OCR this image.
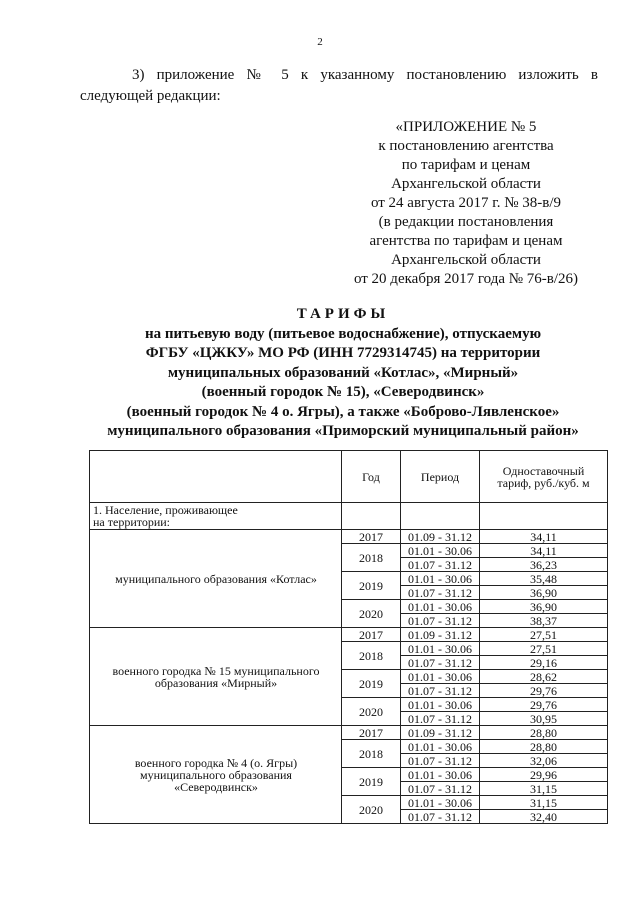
2

3) приложение № 5 к указанному постановлению изложить в

следующей редакции:

«ПРИЛОЖЕНИЕ № 5
к постановлению агентства
по тарифам и ценам
Архангельской области
от 24 августа 2017 г. № 38-в/9
(в редакции постановления
агентства по тарифам и ценам
Архангельской области
от 20 декабря 2017 года № 76-в/26)
ТАРИФЫ
на питьевую воду (питьевое водоснабжение), отпускаемую
ФГБУ «ЦЖКУ» МО РФ (ИНН 7729314745) на территории
муниципальных образований «Котлас», «Мирный»
(военный городок № 15), «Северодвинск»
(военный городок № 4 о. Ягры), а также «Боброво-Лявленское»
муниципального образования «Приморский муниципальный район»
	Год	Период	Одноставочный
тариф, руб./куб. м
1. Население, проживающее
на территории:			
муниципального образования «Котлас»	2017	01.09 - 31.12	34,11
	2018	01.01 - 30.06	34,11
		01.07 - 31.12	36,23
	2019	01.01 - 30.06	35,48
		01.07 - 31.12	36,90
	2020	01.01 - 30.06	36,90
		01.07 - 31.12	38,37
военного городка № 15 муниципального
образования «Мирный»	2017	01.09 - 31.12	27,51
	2018	01.01 - 30.06	27,51
		01.07 - 31.12	29,16
	2019	01.01 - 30.06	28,62
		01.07 - 31.12	29,76
	2020	01.01 - 30.06	29,76
		01.07 - 31.12	30,95
военного городка № 4 (о. Ягры)
муниципального образования
«Северодвинск»	2017	01.09 - 31.12	28,80
	2018	01.01 - 30.06	28,80
		01.07 - 31.12	32,06
	2019	01.01 - 30.06	29,96
		01.07 - 31.12	31,15
	2020	01.01 - 30.06	31,15
		01.07 - 31.12	32,40
